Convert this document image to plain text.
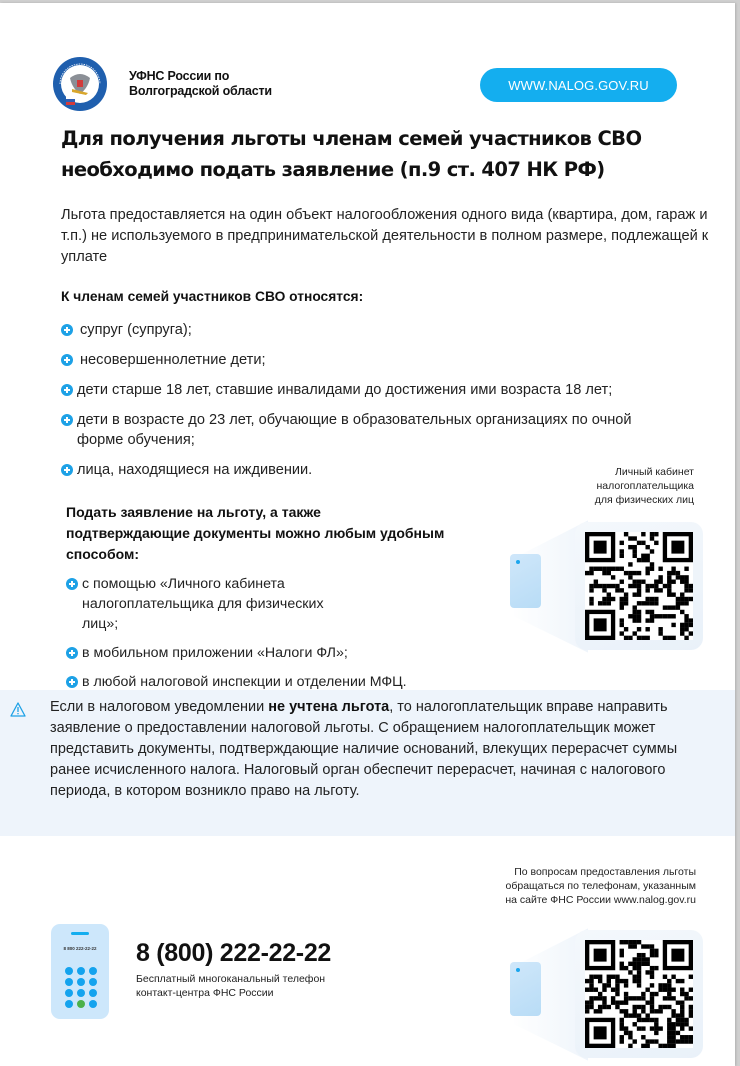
УФНС России по
Волгоградской области	WWW.NALOG.GOV.RU
Для получения льготы членам семей участников СВО
необходимо подать заявление (п.9 ст. 407 НК РФ)

Льгота предоставляется на один объект налогообложения одного вида (квартира, дом, гараж и т.п.) не используемого в предпринимательской деятельности в полном размере, подлежащей к уплате

К членам семей участников СВО относятся:
супруг (супруга);
несовершеннолетние дети;
дети старше 18 лет, ставшие инвалидами до достижения ими возраста 18 лет;
дети в возрасте до 23 лет, обучающие в образовательных организациях по очной форме обучения;
лица, находящиеся на иждивении.
Подать заявление на льготу, а также подтверждающие документы можно любым удобным способом:
с помощью «Личного кабинета налогоплательщика для физических лиц»;
в мобильном приложении «Налоги ФЛ»;
в любой налоговой инспекции и отделении МФЦ.
Личный кабинет
налогоплательщика
для физических лиц

Если в налоговом уведомлении не учтена льгота, то налогоплательщик вправе направить заявление о предоставлении налоговой льготы. С обращением налогоплательщик может представить документы, подтверждающие наличие оснований, влекущих перерасчет суммы ранее исчисленного налога. Налоговый орган обеспечит перерасчет, начиная с налогового периода, в котором возникло право на льготу.

По вопросам предоставления льготы
обращаться по телефонам, указанным
на сайте ФНС России www.nalog.gov.ru
8 800 222-22-22	8 (800) 222-22-22
Бесплатный многоканальный телефон
контакт-центра ФНС России
